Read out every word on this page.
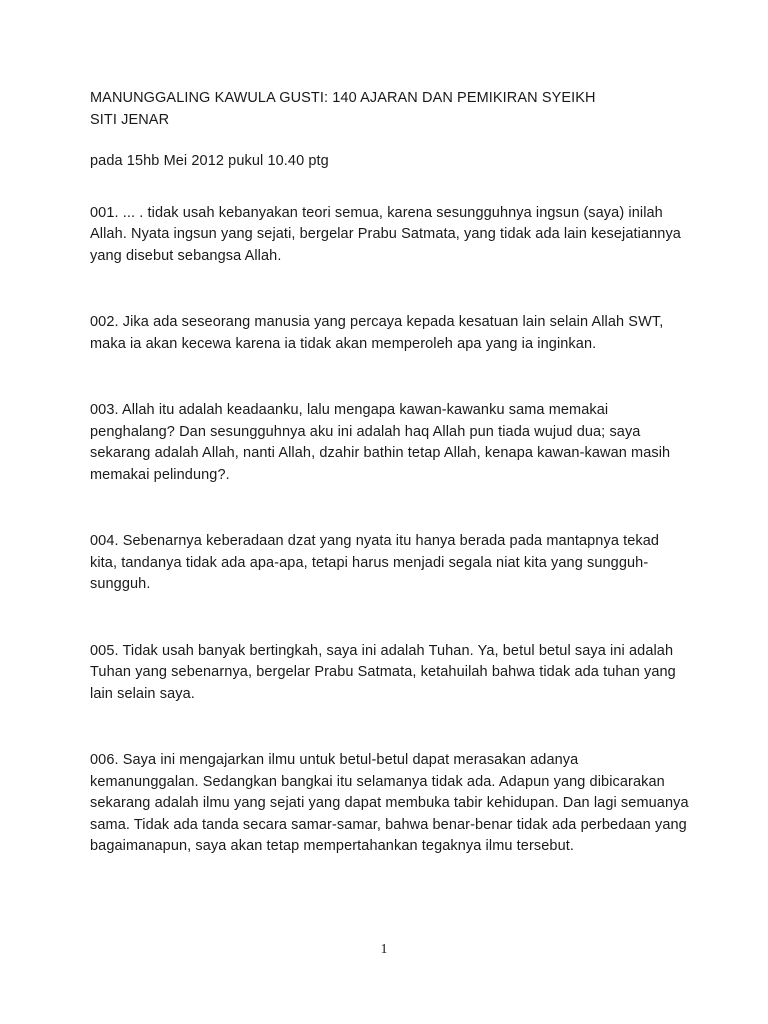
MANUNGGALING KAWULA GUSTI: 140 AJARAN DAN PEMIKIRAN SYEIKH SITI JENAR

pada 15hb Mei 2012 pukul 10.40 ptg

001. ... . tidak usah kebanyakan teori semua, karena sesungguhnya ingsun (saya) inilah Allah. Nyata ingsun yang sejati, bergelar Prabu Satmata, yang tidak ada lain kesejatiannya yang disebut sebangsa Allah.

002. Jika ada seseorang manusia yang percaya kepada kesatuan lain selain Allah SWT, maka ia akan kecewa karena ia tidak akan memperoleh apa yang ia inginkan.

003. Allah itu adalah keadaanku, lalu mengapa kawan-kawanku sama memakai penghalang? Dan sesungguhnya aku ini adalah haq Allah pun tiada wujud dua; saya sekarang adalah Allah, nanti Allah, dzahir bathin tetap Allah, kenapa kawan-kawan masih memakai pelindung?.

004. Sebenarnya keberadaan dzat yang nyata itu hanya berada pada mantapnya tekad kita, tandanya tidak ada apa-apa, tetapi harus menjadi segala niat kita yang sungguh-sungguh.

005. Tidak usah banyak bertingkah, saya ini adalah Tuhan. Ya, betul betul saya ini adalah Tuhan yang sebenarnya, bergelar Prabu Satmata, ketahuilah bahwa tidak ada tuhan yang lain selain saya.

006. Saya ini mengajarkan ilmu untuk betul-betul dapat merasakan adanya kemanunggalan. Sedangkan bangkai itu selamanya tidak ada. Adapun yang dibicarakan sekarang adalah ilmu yang sejati yang dapat membuka tabir kehidupan. Dan lagi semuanya sama. Tidak ada tanda secara samar-samar, bahwa benar-benar tidak ada perbedaan yang bagaimanapun, saya akan tetap mempertahankan tegaknya ilmu tersebut.

1
